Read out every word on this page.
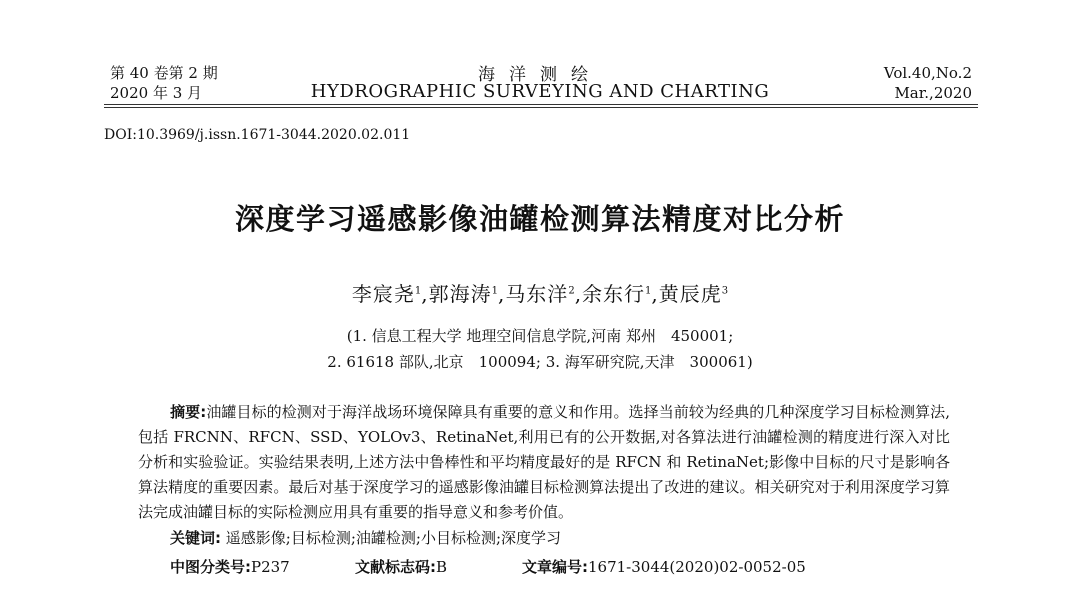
第 40 卷第 2 期
2020 年 3 月
海洋测绘
HYDROGRAPHIC SURVEYING AND CHARTING
Vol.40,No.2
Mar.,2020
DOI:10.3969/j.issn.1671-3044.2020.02.011
深度学习遥感影像油罐检测算法精度对比分析
李宸尧$^1$,郭海涛$^1$,马东洋$^2$,余东行$^1$,黄辰虎$^3$
(1. 信息工程大学 地理空间信息学院,河南 郑州　450001;
2. 61618 部队,北京　100094; 3. 海军研究院,天津　300061)
摘要:油罐目标的检测对于海洋战场环境保障具有重要的意义和作用。选择当前较为经典的几种深度学习目标检测算法,包括 FRCNN、RFCN、SSD、YOLOv3、RetinaNet,利用已有的公开数据,对各算法进行油罐检测的精度进行深入对比分析和实验验证。实验结果表明,上述方法中鲁棒性和平均精度最好的是 RFCN 和 RetinaNet;影像中目标的尺寸是影响各算法精度的重要因素。最后对基于深度学习的遥感影像油罐目标检测算法提出了改进的建议。相关研究对于利用深度学习算法完成油罐目标的实际检测应用具有重要的指导意义和参考价值。
关键词: 遥感影像;目标检测;油罐检测;小目标检测;深度学习
中图分类号:P237	文献标志码:B	文章编号:1671-3044(2020)02-0052-05
